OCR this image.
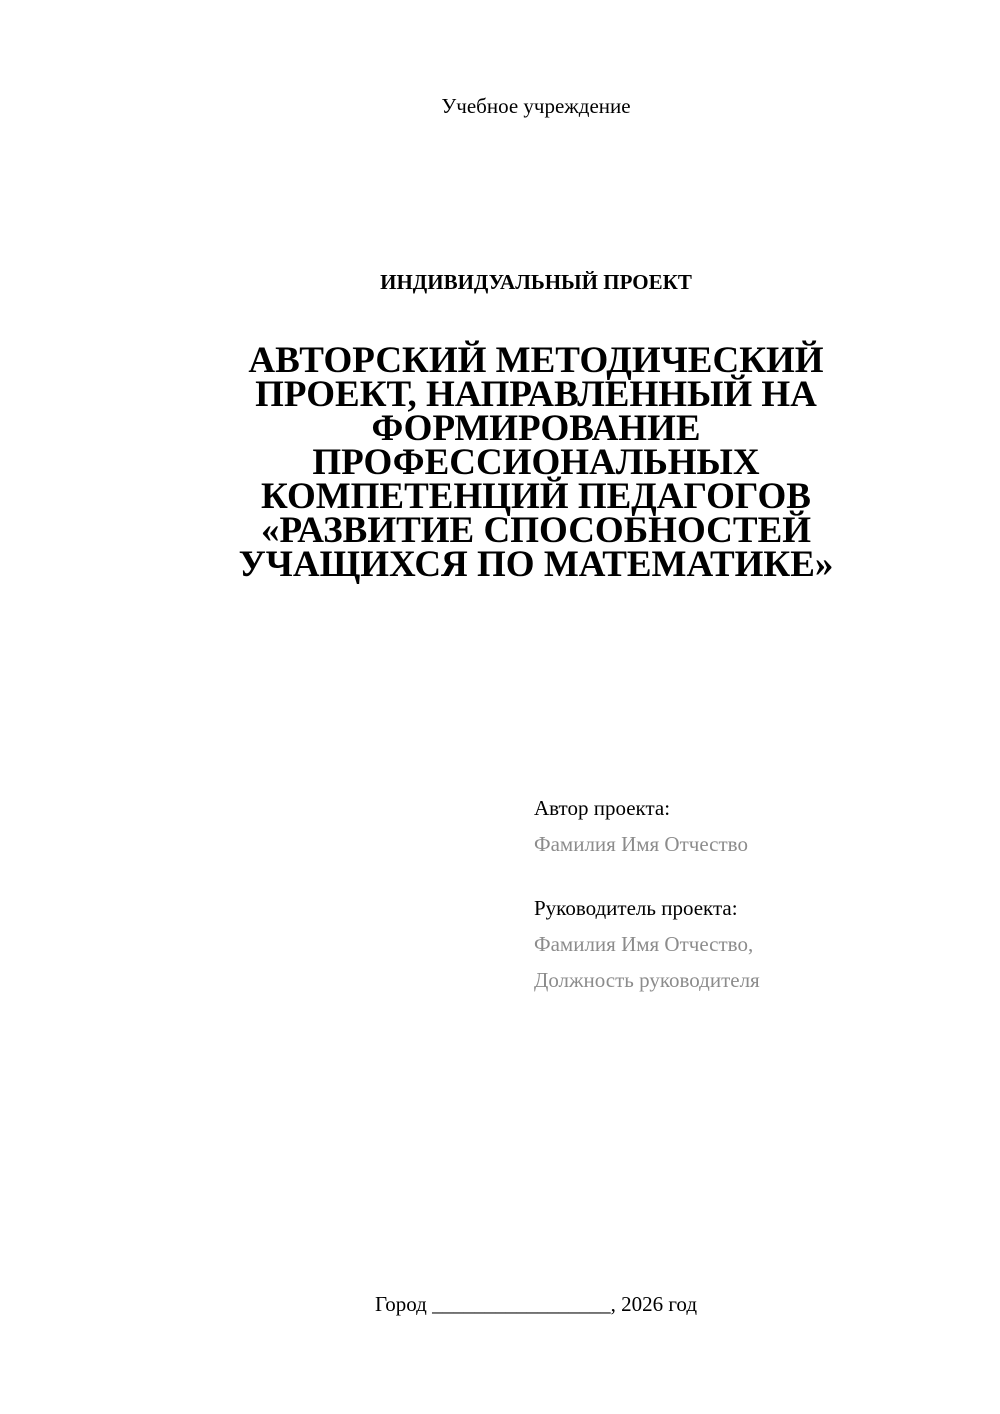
Учебное учреждение
ИНДИВИДУАЛЬНЫЙ ПРОЕКТ
АВТОРСКИЙ МЕТОДИЧЕСКИЙ
ПРОЕКТ, НАПРАВЛЕННЫЙ НА
ФОРМИРОВАНИЕ
ПРОФЕССИОНАЛЬНЫХ
КОМПЕТЕНЦИЙ ПЕДАГОГОВ
«РАЗВИТИЕ СПОСОБНОСТЕЙ
УЧАЩИХСЯ ПО МАТЕМАТИКЕ»
Автор проекта:
Фамилия Имя Отчество
Руководитель проекта:
Фамилия Имя Отчество,
Должность руководителя
Город _________________, 2026 год
